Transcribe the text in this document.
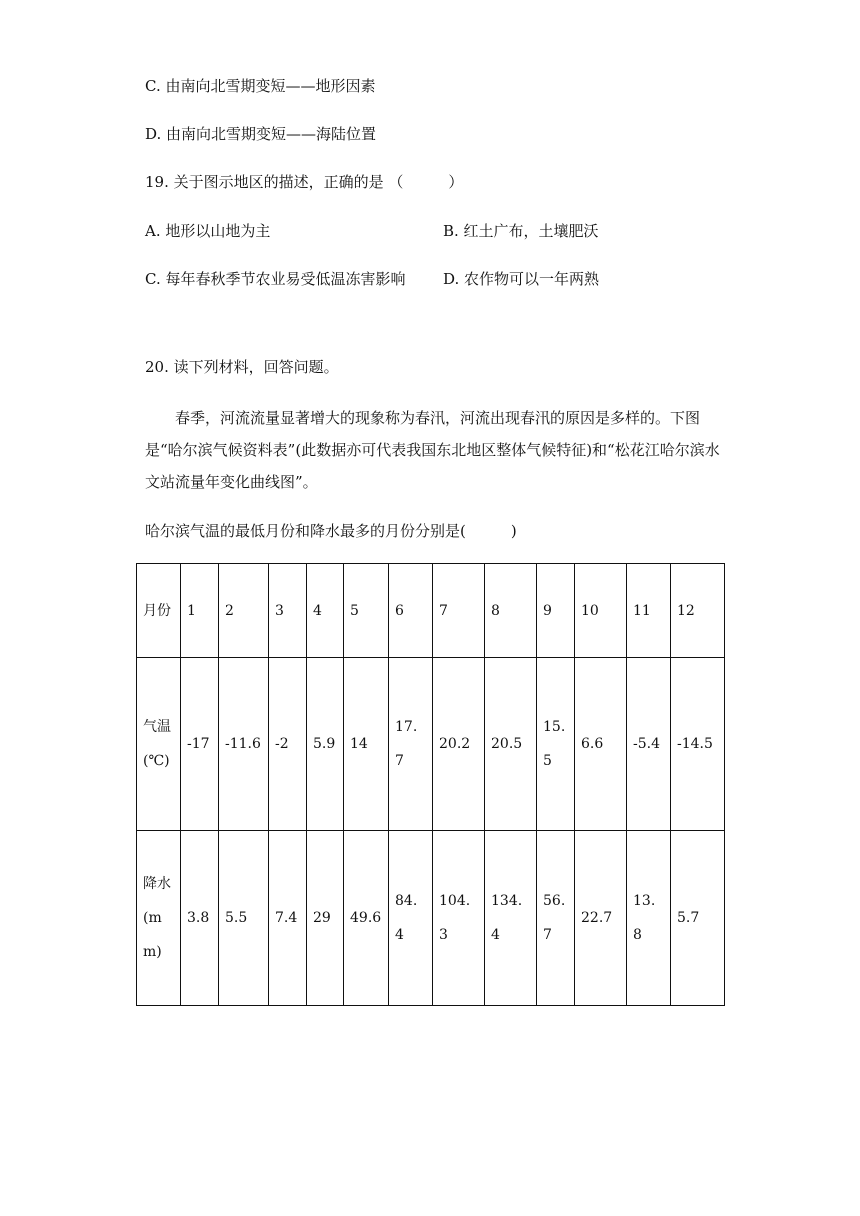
C. 由南向北雪期变短——地形因素
D. 由南向北雪期变短——海陆位置
19. 关于图示地区的描述，正确的是 （　　　）
A. 地形以山地为主	B. 红土广布，土壤肥沃
C. 每年春秋季节农业易受低温冻害影响	D. 农作物可以一年两熟
20. 读下列材料，回答问题。
春季，河流流量显著增大的现象称为春汛，河流出现春汛的原因是多样的。下图是“哈尔滨气候资料表”(此数据亦可代表我国东北地区整体气候特征)和“松花江哈尔滨水文站流量年变化曲线图”。
哈尔滨气温的最低月份和降水最多的月份分别是(　　　)
月份	1	2	3	4	5	6	7	8	9	10	11	12
气温(℃)	-17	-11.6	-2	5.9	14	17.7	20.2	20.5	15.5	6.6	-5.4	-14.5
降水(mm)	3.8	5.5	7.4	29	49.6	84.4	104.3	134.4	56.7	22.7	13.8	5.7
